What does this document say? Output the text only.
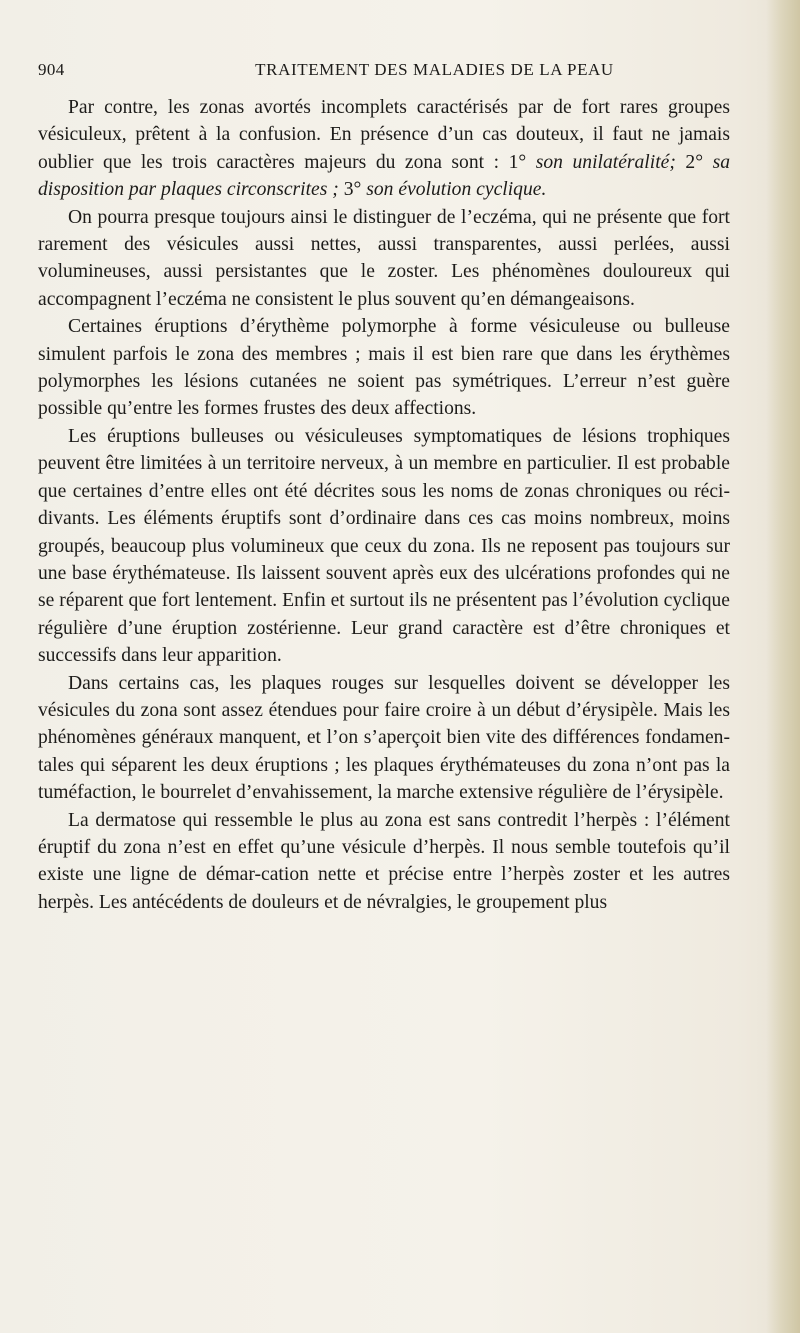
904	TRAITEMENT DES MALADIES DE LA PEAU

Par contre, les zonas avortés incomplets caractérisés par de fort rares groupes vésiculeux, prêtent à la confusion. En présence d’un cas douteux, il faut ne jamais oublier que les trois caractères majeurs du zona sont : 1° son unilatéralité; 2° sa disposition par plaques circonscrites ; 3° son évolution cyclique.

On pourra presque toujours ainsi le distinguer de l’eczéma, qui ne présente que fort rarement des vésicules aussi nettes, aussi transparentes, aussi perlées, aussi volumineuses, aussi persistantes que le zoster. Les phénomènes douloureux qui accompagnent l’eczéma ne consistent le plus souvent qu’en démangeaisons.

Certaines éruptions d’érythème polymorphe à forme vésiculeuse ou bulleuse simulent parfois le zona des membres ; mais il est bien rare que dans les érythèmes polymorphes les lésions cutanées ne soient pas symétriques. L’erreur n’est guère possible qu’entre les formes frustes des deux affections.

Les éruptions bulleuses ou vésiculeuses symptomatiques de lésions trophiques peuvent être limitées à un territoire nerveux, à un membre en particulier. Il est probable que certaines d’entre elles ont été décrites sous les noms de zonas chroniques ou réci-divants. Les éléments éruptifs sont d’ordinaire dans ces cas moins nombreux, moins groupés, beaucoup plus volumineux que ceux du zona. Ils ne reposent pas toujours sur une base érythémateuse. Ils laissent souvent après eux des ulcérations profondes qui ne se réparent que fort lentement. Enfin et surtout ils ne présentent pas l’évolution cyclique régulière d’une éruption zostérienne. Leur grand caractère est d’être chroniques et successifs dans leur apparition.

Dans certains cas, les plaques rouges sur lesquelles doivent se développer les vésicules du zona sont assez étendues pour faire croire à un début d’érysipèle. Mais les phénomènes généraux manquent, et l’on s’aperçoit bien vite des différences fondamen-tales qui séparent les deux éruptions ; les plaques érythémateuses du zona n’ont pas la tuméfaction, le bourrelet d’envahissement, la marche extensive régulière de l’érysipèle.

La dermatose qui ressemble le plus au zona est sans contredit l’herpès : l’élément éruptif du zona n’est en effet qu’une vésicule d’herpès. Il nous semble toutefois qu’il existe une ligne de démar-cation nette et précise entre l’herpès zoster et les autres herpès. Les antécédents de douleurs et de névralgies, le groupement plus
